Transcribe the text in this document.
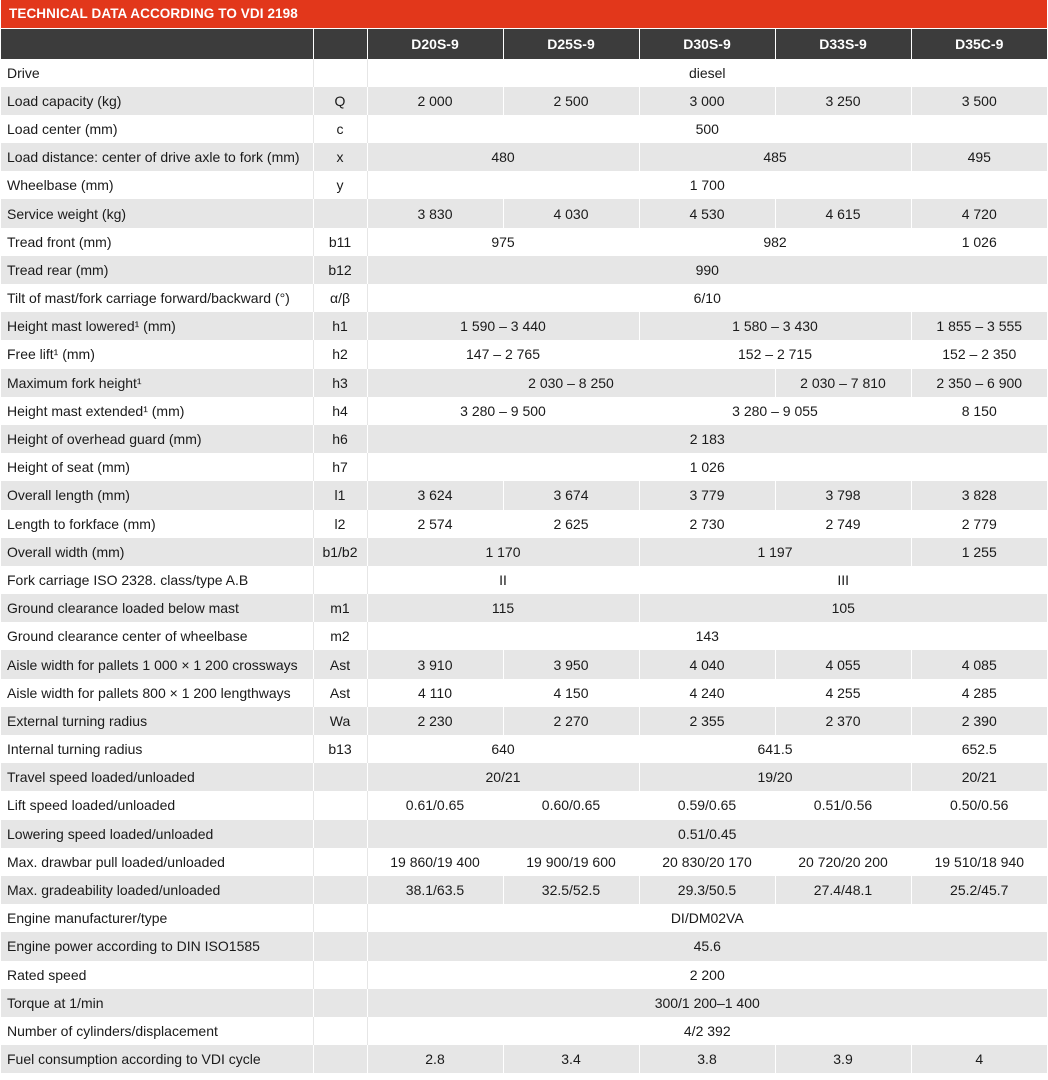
TECHNICAL DATA ACCORDING TO VDI 2198
		D20S-9	D25S-9	D30S-9	D33S-9	D35C-9
Drive		diesel				
Load capacity (kg)	Q	2 000	2 500	3 000	3 250	3 500
Load center (mm)	c	500				
Load distance: center of drive axle to fork (mm)	x	480		485		495
Wheelbase (mm)	y	1 700				
Service weight (kg)		3 830	4 030	4 530	4 615	4 720
Tread front (mm)	b11	975		982		1 026
Tread rear (mm)	b12	990				
Tilt of mast/fork carriage forward/backward (°)	α/β	6/10				
Height mast lowered¹ (mm)	h1	1 590 – 3 440		1 580 – 3 430		1 855 – 3 555
Free lift¹ (mm)	h2	147 – 2 765		152 – 2 715		152 – 2 350
Maximum fork height¹	h3	2 030 – 8 250			2 030 – 7 810	2 350 – 6 900
Height mast extended¹ (mm)	h4	3 280 – 9 500		3 280 – 9 055		8 150
Height of overhead guard (mm)	h6	2 183				
Height of seat (mm)	h7	1 026				
Overall length (mm)	l1	3 624	3 674	3 779	3 798	3 828
Length to forkface (mm)	l2	2 574	2 625	2 730	2 749	2 779
Overall width (mm)	b1/b2	1 170		1 197		1 255
Fork carriage ISO 2328. class/type A.B		II		III		
Ground clearance loaded below mast	m1	115		105		
Ground clearance center of wheelbase	m2	143				
Aisle width for pallets 1 000 × 1 200 crossways	Ast	3 910	3 950	4 040	4 055	4 085
Aisle width for pallets 800 × 1 200 lengthways	Ast	4 110	4 150	4 240	4 255	4 285
External turning radius	Wa	2 230	2 270	2 355	2 370	2 390
Internal turning radius	b13	640		641.5		652.5
Travel speed loaded/unloaded		20/21		19/20		20/21
Lift speed loaded/unloaded		0.61/0.65	0.60/0.65	0.59/0.65	0.51/0.56	0.50/0.56
Lowering speed loaded/unloaded		0.51/0.45				
Max. drawbar pull loaded/unloaded		19 860/19 400	19 900/19 600	20 830/20 170	20 720/20 200	19 510/18 940
Max. gradeability loaded/unloaded		38.1/63.5	32.5/52.5	29.3/50.5	27.4/48.1	25.2/45.7
Engine manufacturer/type		DI/DM02VA				
Engine power according to DIN ISO1585		45.6				
Rated speed		2 200				
Torque at 1/min		300/1 200–1 400				
Number of cylinders/displacement		4/2 392				
Fuel consumption according to VDI cycle		2.8	3.4	3.8	3.9	4
